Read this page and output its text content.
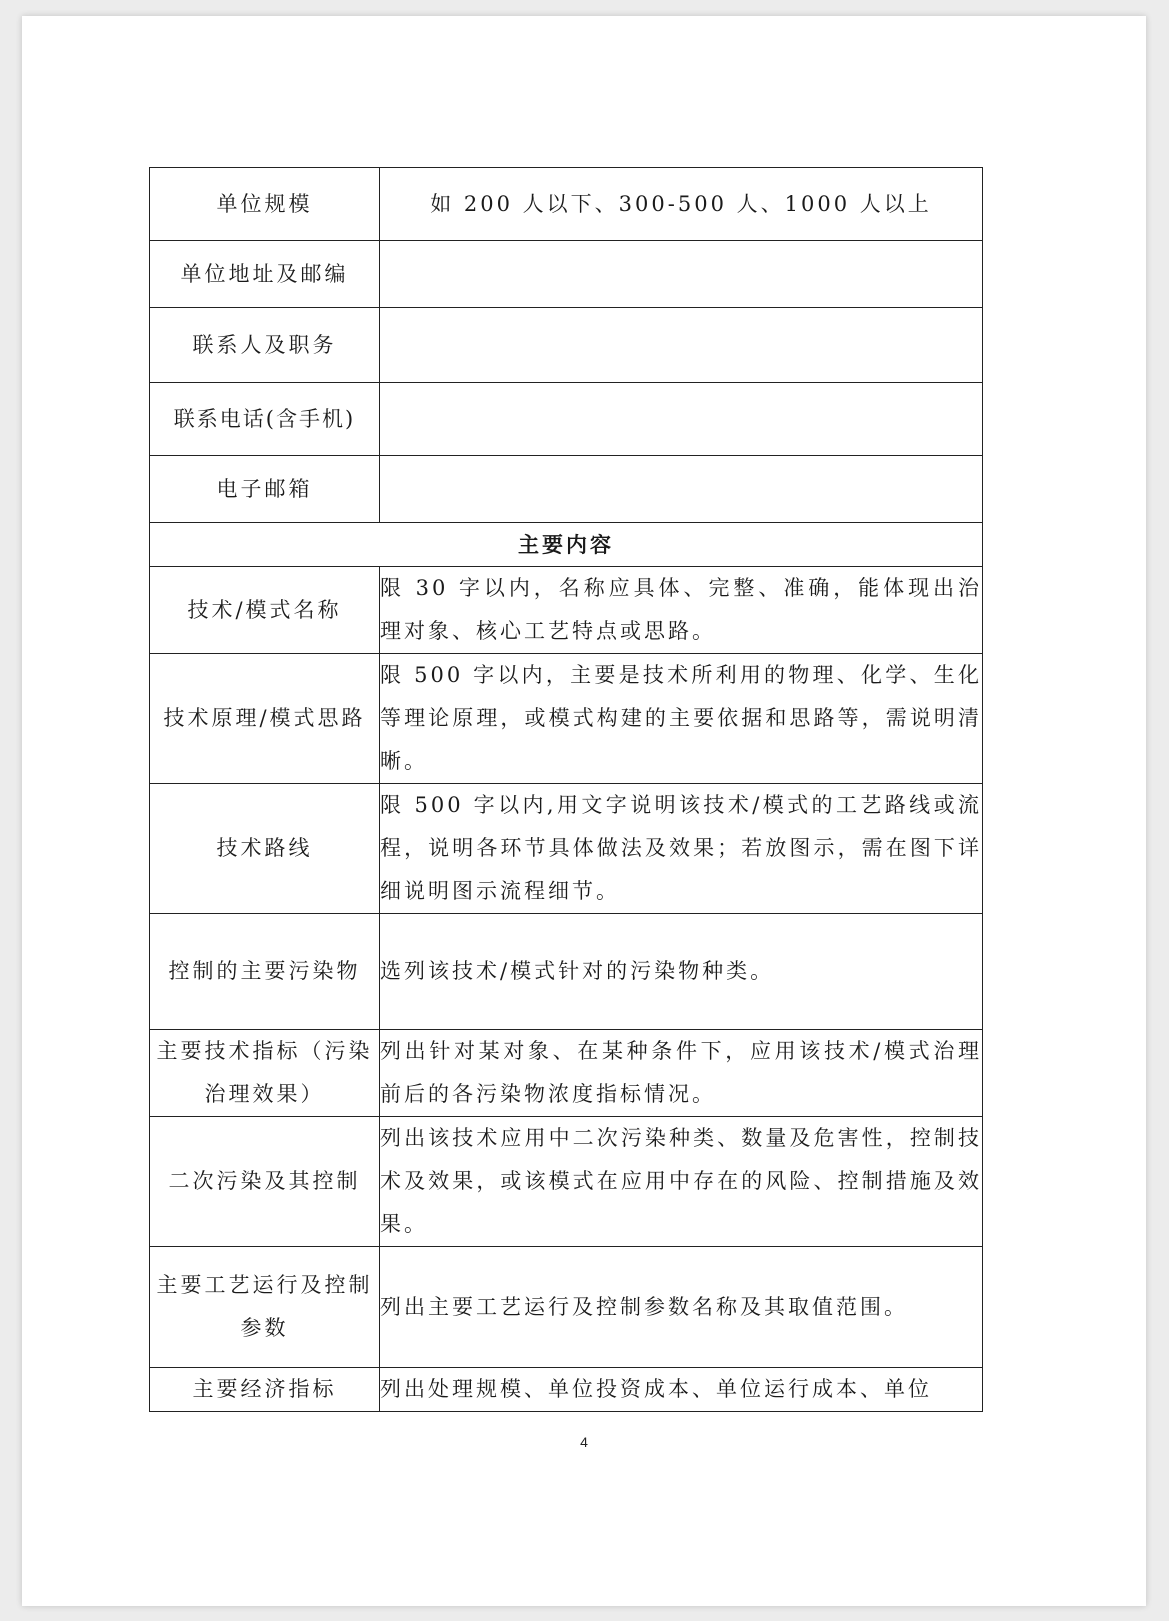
单位规模	如 200 人以下、300-500 人、1000 人以上
单位地址及邮编	
联系人及职务	
联系电话(含手机)	
电子邮箱	
主要内容	
技术/模式名称	限 30 字以内，名称应具体、完整、准确，能体现出治理对象、核心工艺特点或思路。
技术原理/模式思路	限 500 字以内，主要是技术所利用的物理、化学、生化等理论原理，或模式构建的主要依据和思路等，需说明清晰。
技术路线	限 500 字以内,用文字说明该技术/模式的工艺路线或流程，说明各环节具体做法及效果；若放图示，需在图下详细说明图示流程细节。
控制的主要污染物	选列该技术/模式针对的污染物种类。
主要技术指标（污染治理效果）	列出针对某对象、在某种条件下，应用该技术/模式治理前后的各污染物浓度指标情况。
二次污染及其控制	列出该技术应用中二次污染种类、数量及危害性，控制技术及效果，或该模式在应用中存在的风险、控制措施及效果。
主要工艺运行及控制参数	列出主要工艺运行及控制参数名称及其取值范围。
主要经济指标	列出处理规模、单位投资成本、单位运行成本、单位
4
